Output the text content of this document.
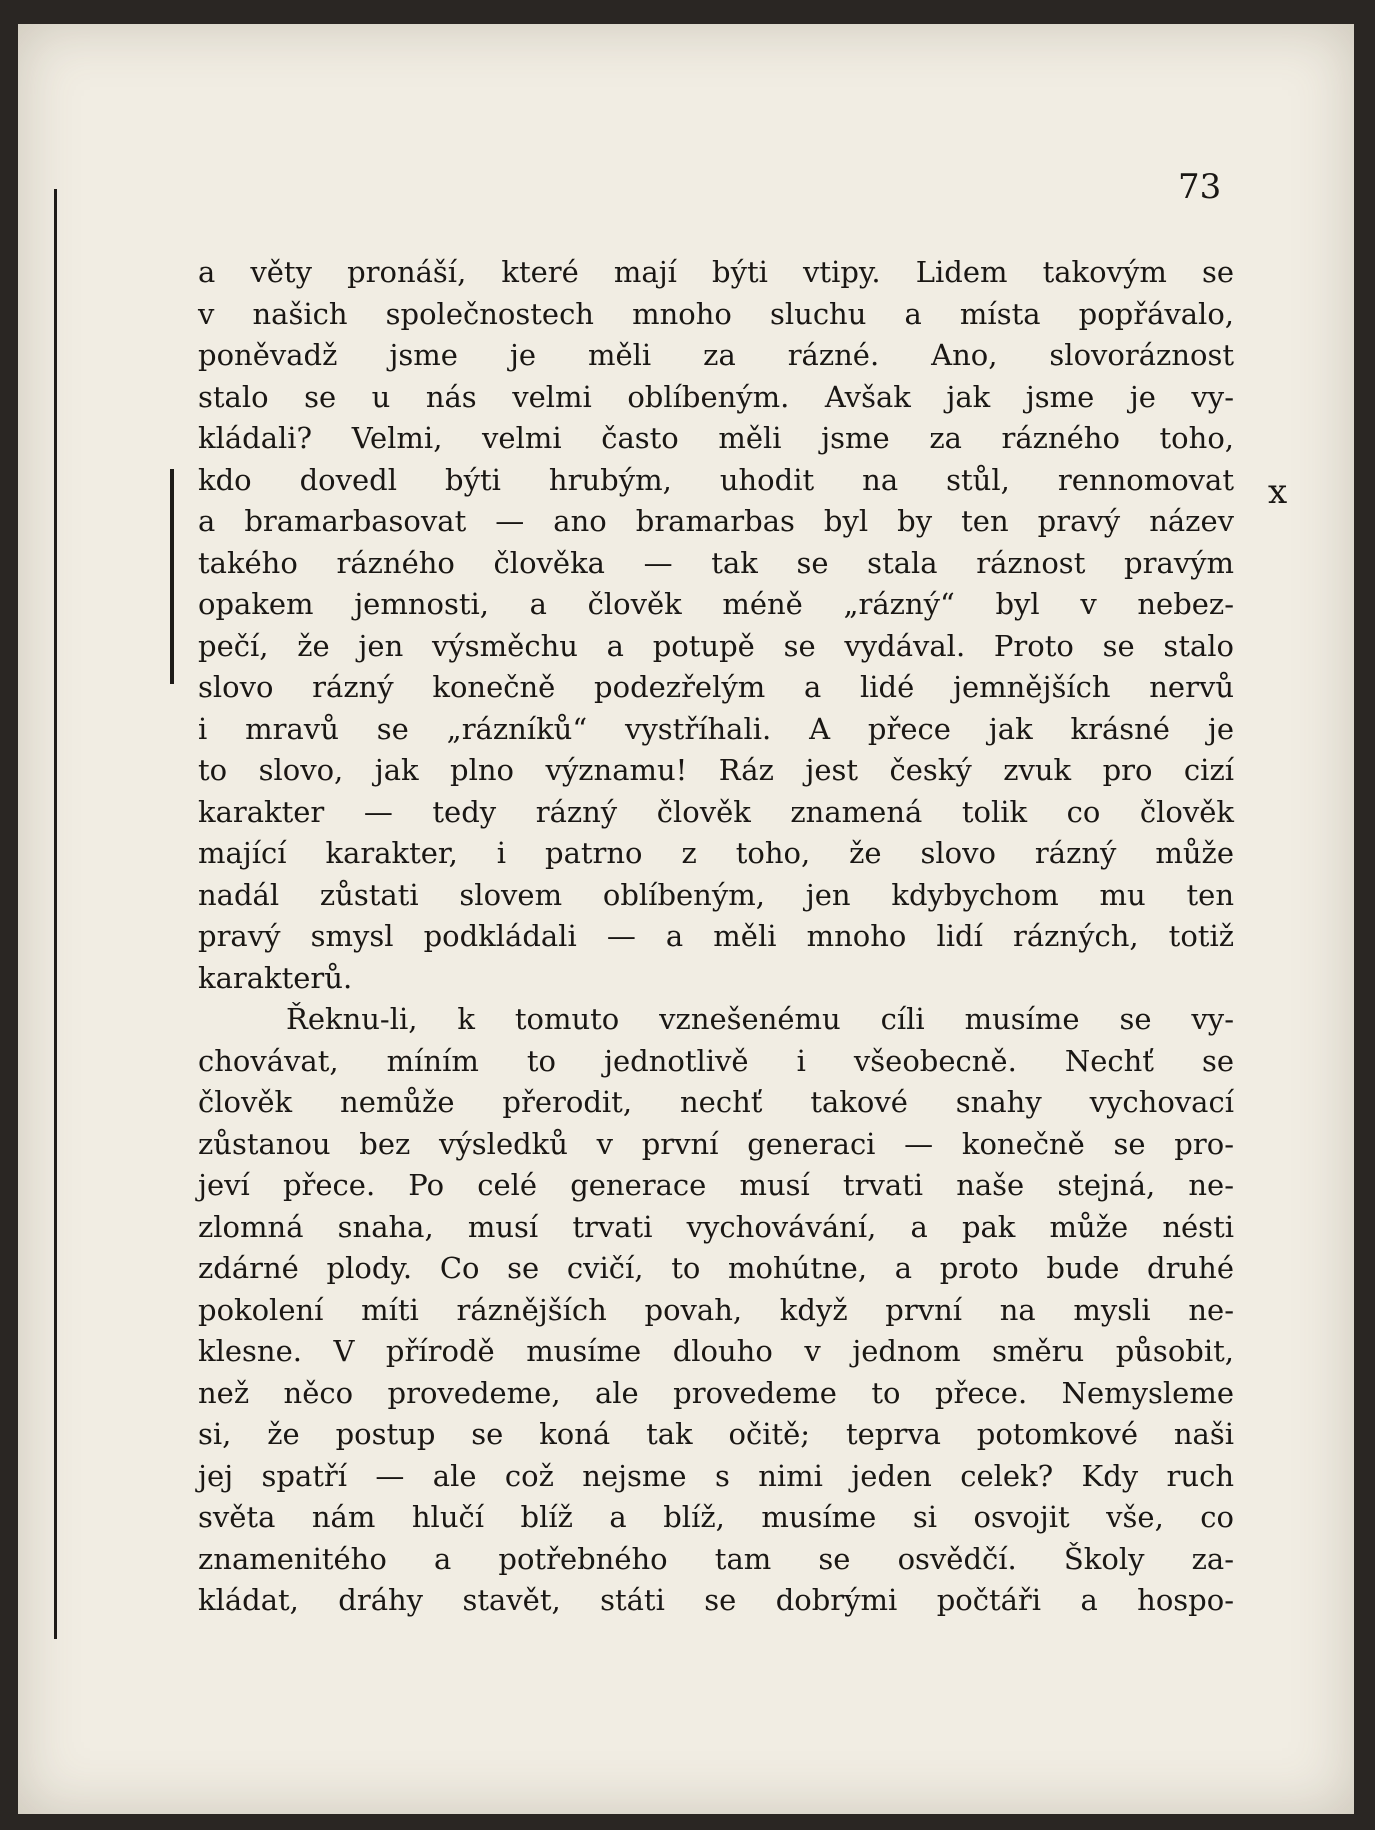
73
x
a věty pronáší, které mají býti vtipy. Lidem takovým se
v našich společnostech mnoho sluchu a místa popřávalo,
poněvadž jsme je měli za rázné. Ano, slovoráznost
stalo se u nás velmi oblíbeným. Avšak jak jsme je vy-
kládali? Velmi, velmi často měli jsme za rázného toho,
kdo dovedl býti hrubým, uhodit na stůl, rennomovat
a bramarbasovat — ano bramarbas byl by ten pravý název
takého rázného člověka — tak se stala ráznost pravým
opakem jemnosti, a člověk méně „rázný“ byl v nebez-
pečí, že jen výsměchu a potupě se vydával. Proto se stalo
slovo rázný konečně podezřelým a lidé jemnějších nervů
i mravů se „rázníků“ vystříhali. A přece jak krásné je
to slovo, jak plno významu! Ráz jest český zvuk pro cizí
karakter — tedy rázný člověk znamená tolik co člověk
mající karakter, i patrno z toho, že slovo rázný může
nadál zůstati slovem oblíbeným, jen kdybychom mu ten
pravý smysl podkládali — a měli mnoho lidí rázných, totiž
karakterů.
Řeknu-li, k tomuto vznešenému cíli musíme se vy-
chovávat, míním to jednotlivě i všeobecně. Nechť se
člověk nemůže přerodit, nechť takové snahy vychovací
zůstanou bez výsledků v první generaci — konečně se pro-
jeví přece. Po celé generace musí trvati naše stejná, ne-
zlomná snaha, musí trvati vychovávání, a pak může nésti
zdárné plody. Co se cvičí, to mohútne, a proto bude druhé
pokolení míti ráznějších povah, když první na mysli ne-
klesne. V přírodě musíme dlouho v jednom směru působit,
než něco provedeme, ale provedeme to přece. Nemysleme
si, že postup se koná tak očitě; teprva potomkové naši
jej spatří — ale což nejsme s nimi jeden celek? Kdy ruch
světa nám hlučí blíž a blíž, musíme si osvojit vše, co
znamenitého a potřebného tam se osvědčí. Školy za-
kládat, dráhy stavět, státi se dobrými počtáři a hospo-
